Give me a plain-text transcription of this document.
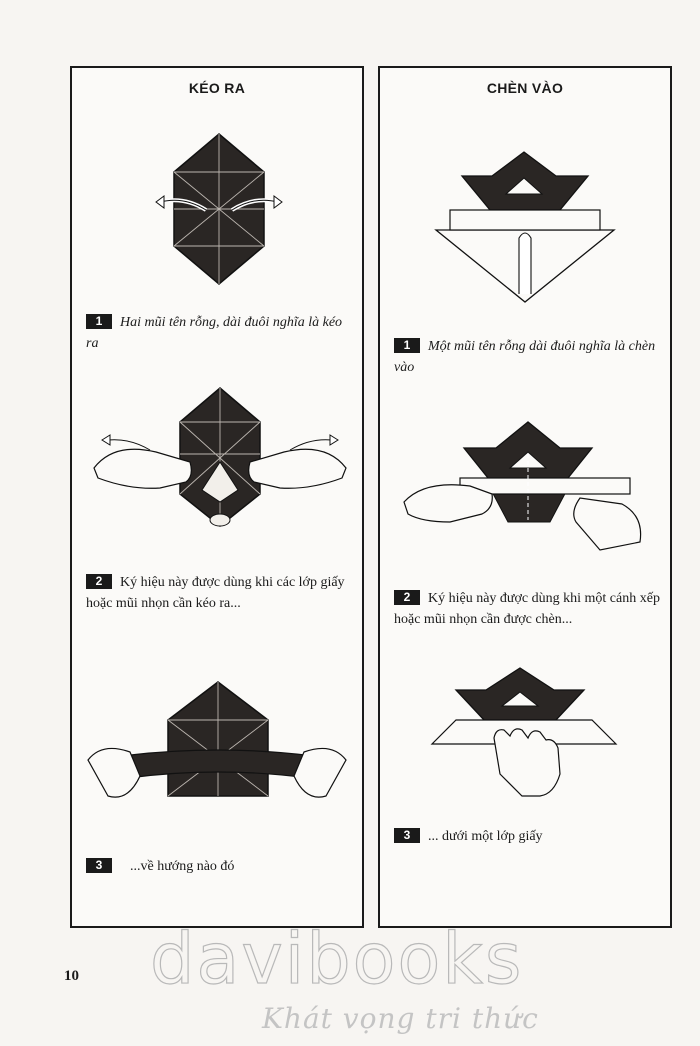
KÉO RA
1 Hai mũi tên rỗng, dài đuôi nghĩa là kéo ra
2 Ký hiệu này được dùng khi các lớp giấy hoặc mũi nhọn cần kéo ra...
3 ...về hướng nào đó
CHÈN VÀO
1 Một mũi tên rỗng dài đuôi nghĩa là chèn vào
2 Ký hiệu này được dùng khi một cánh xếp hoặc mũi nhọn cần được chèn...
3 ... dưới một lớp giấy
10 davibooks
Khát vọng tri thức
